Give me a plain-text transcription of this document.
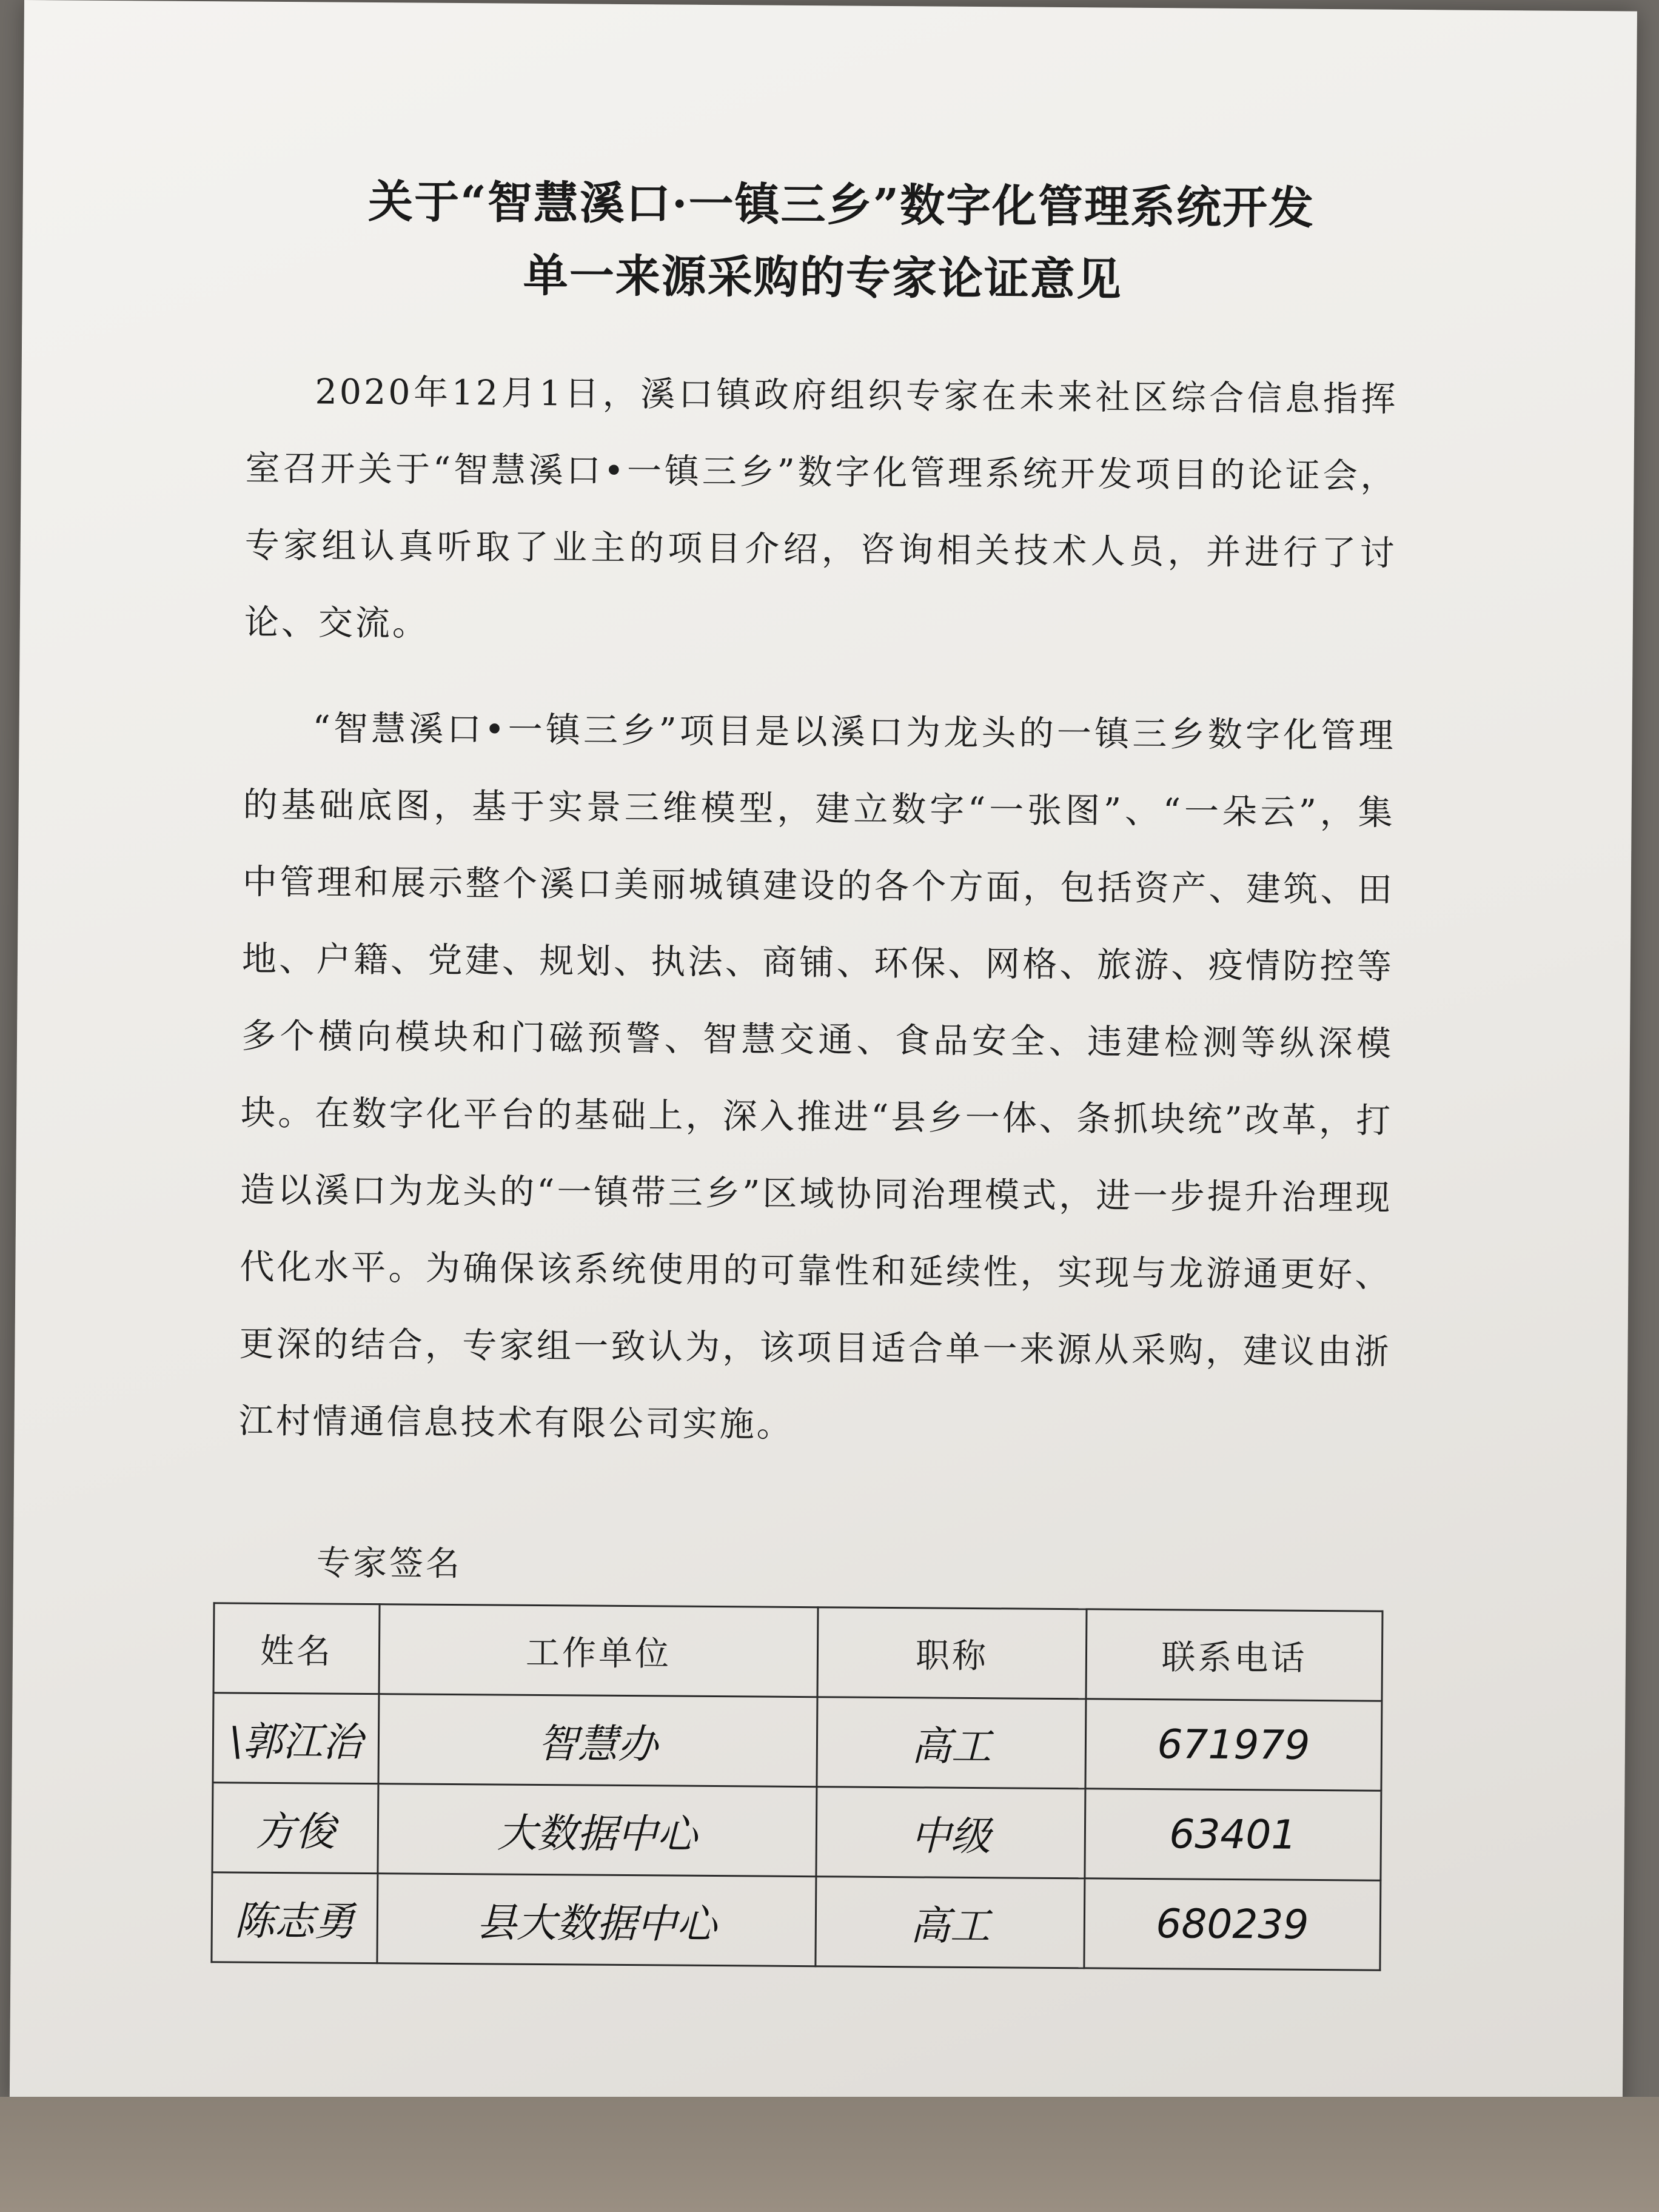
关于“智慧溪口·一镇三乡”数字化管理系统开发
单一来源采购的专家论证意见

2020年12月1日，溪口镇政府组织专家在未来社区综合信息指挥室召开关于“智慧溪口•一镇三乡”数字化管理系统开发项目的论证会，专家组认真听取了业主的项目介绍，咨询相关技术人员，并进行了讨论、交流。

“智慧溪口•一镇三乡”项目是以溪口为龙头的一镇三乡数字化管理的基础底图，基于实景三维模型，建立数字“一张图”、“一朵云”，集中管理和展示整个溪口美丽城镇建设的各个方面，包括资产、建筑、田地、户籍、党建、规划、执法、商铺、环保、网格、旅游、疫情防控等多个横向模块和门磁预警、智慧交通、食品安全、违建检测等纵深模块。在数字化平台的基础上，深入推进“县乡一体、条抓块统”改革，打造以溪口为龙头的“一镇带三乡”区域协同治理模式，进一步提升治理现代化水平。为确保该系统使用的可靠性和延续性，实现与龙游通更好、更深的结合，专家组一致认为，该项目适合单一来源从采购，建议由浙江村情通信息技术有限公司实施。

专家签名
姓名	工作单位	职称	联系电话
\郭江治	智慧办	高工	671979
方俊	大数据中心	中级	63401
陈志勇	县大数据中心	高工	680239
